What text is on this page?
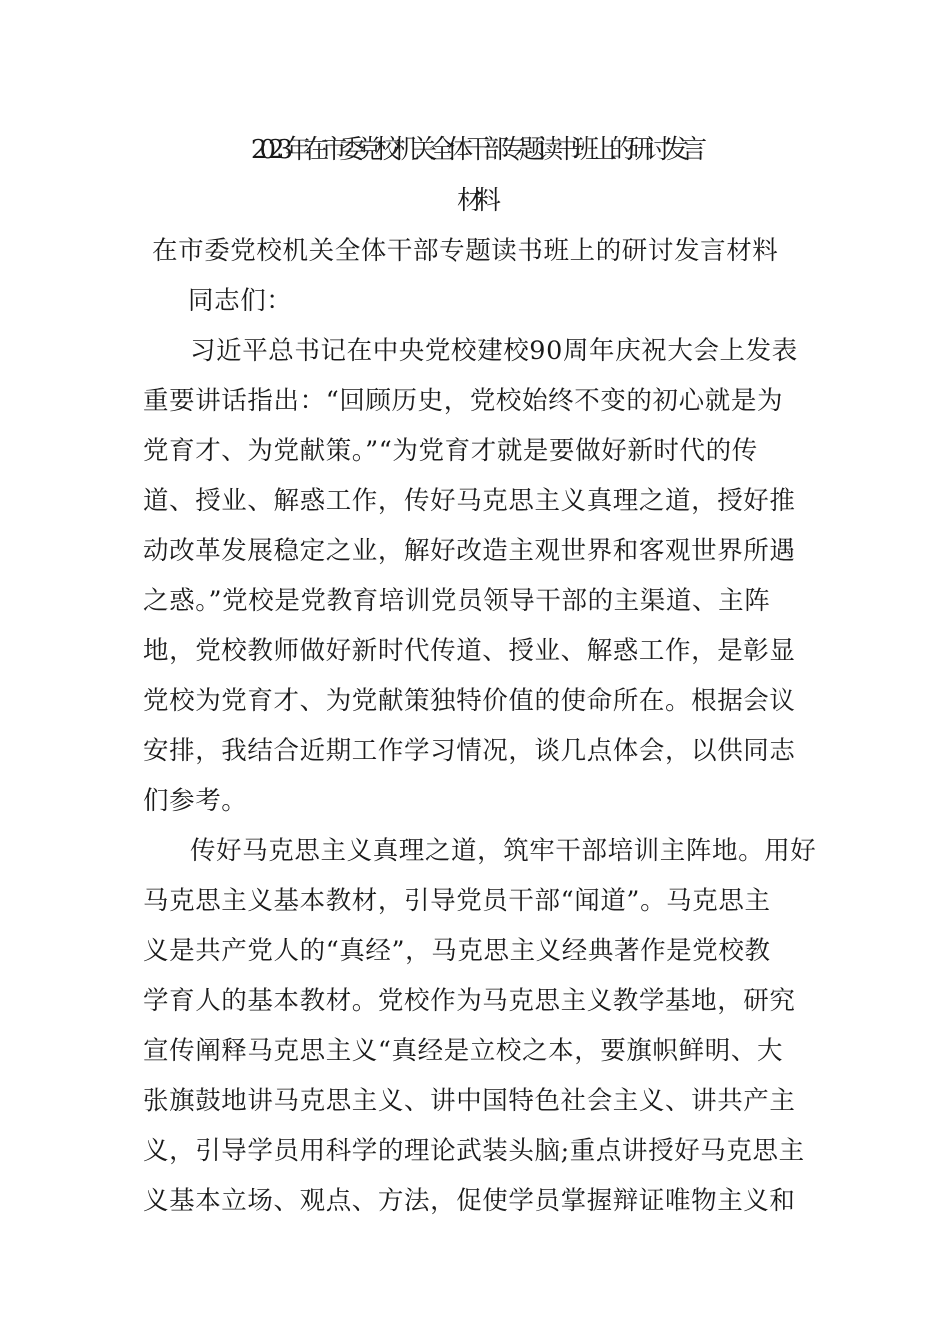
2023年在市委党校机关全体干部专题读书班上的研讨发言
材料
在市委党校机关全体干部专题读书班上的研讨发言材料
同志们：
习近平总书记在中央党校建校90周年庆祝大会上发表
重要讲话指出：“回顾历史，党校始终不变的初心就是为
党育才、为党献策。”“为党育才就是要做好新时代的传
道、授业、解惑工作，传好马克思主义真理之道，授好推
动改革发展稳定之业，解好改造主观世界和客观世界所遇
之惑。”党校是党教育培训党员领导干部的主渠道、主阵
地，党校教师做好新时代传道、授业、解惑工作，是彰显
党校为党育才、为党献策独特价值的使命所在。根据会议
安排，我结合近期工作学习情况，谈几点体会，以供同志
们参考。
传好马克思主义真理之道，筑牢干部培训主阵地。用好
马克思主义基本教材，引导党员干部“闻道”。马克思主
义是共产党人的“真经”，马克思主义经典著作是党校教
学育人的基本教材。党校作为马克思主义教学基地，研究
宣传阐释马克思主义“真经是立校之本，要旗帜鲜明、大
张旗鼓地讲马克思主义、讲中国特色社会主义、讲共产主
义，引导学员用科学的理论武装头脑;重点讲授好马克思主
义基本立场、观点、方法，促使学员掌握辩证唯物主义和
